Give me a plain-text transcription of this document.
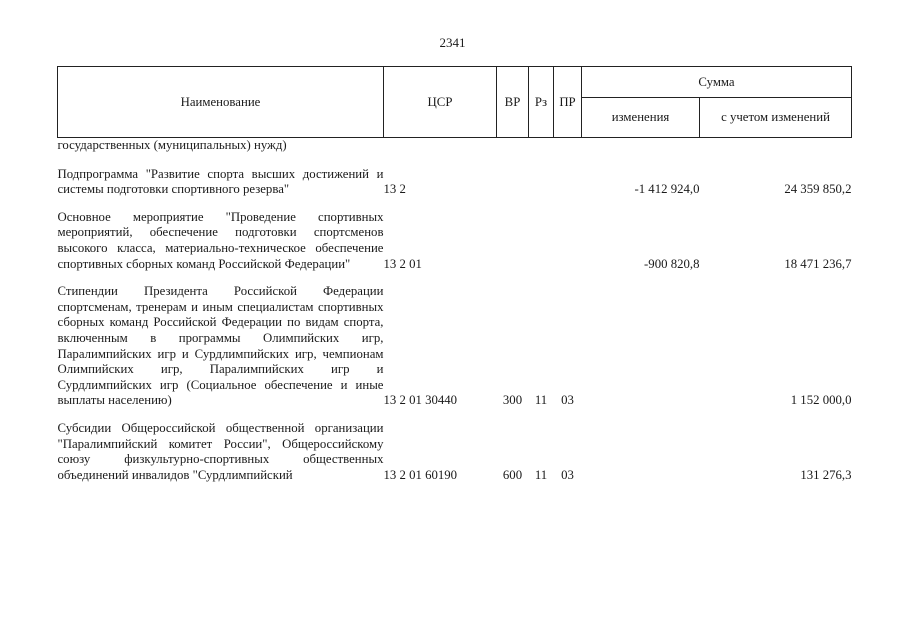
2341
Наименование	ЦСР	ВР	Рз	ПР	Сумма	
					изменения	с учетом изменений
государственных (муниципальных) нужд)						
Подпрограмма "Развитие спорта высших достижений и системы подготовки спортивного резерва"	13 2				-1 412 924,0	24 359 850,2
Основное мероприятие "Проведение спортивных мероприятий, обеспечение подготовки спортсменов высокого класса, материально-техническое обеспечение спортивных сборных команд Российской Федерации"	13 2 01				-900 820,8	18 471 236,7
Стипендии Президента Российской Федерации спортсменам, тренерам и иным специалистам спортивных сборных команд Российской Федерации по видам спорта, включенным в программы Олимпийских игр, Паралимпийских игр и Сурдлимпийских игр, чемпионам Олимпийских игр, Паралимпийских игр и Сурдлимпийских игр (Социальное обеспечение и иные выплаты населению)	13 2 01 30440	300	11	03		1 152 000,0
Субсидии Общероссийской общественной организации "Паралимпийский комитет России", Общероссийскому союзу физкультурно-спортивных общественных объединений инвалидов "Сурдлимпийский	13 2 01 60190	600	11	03		131 276,3
